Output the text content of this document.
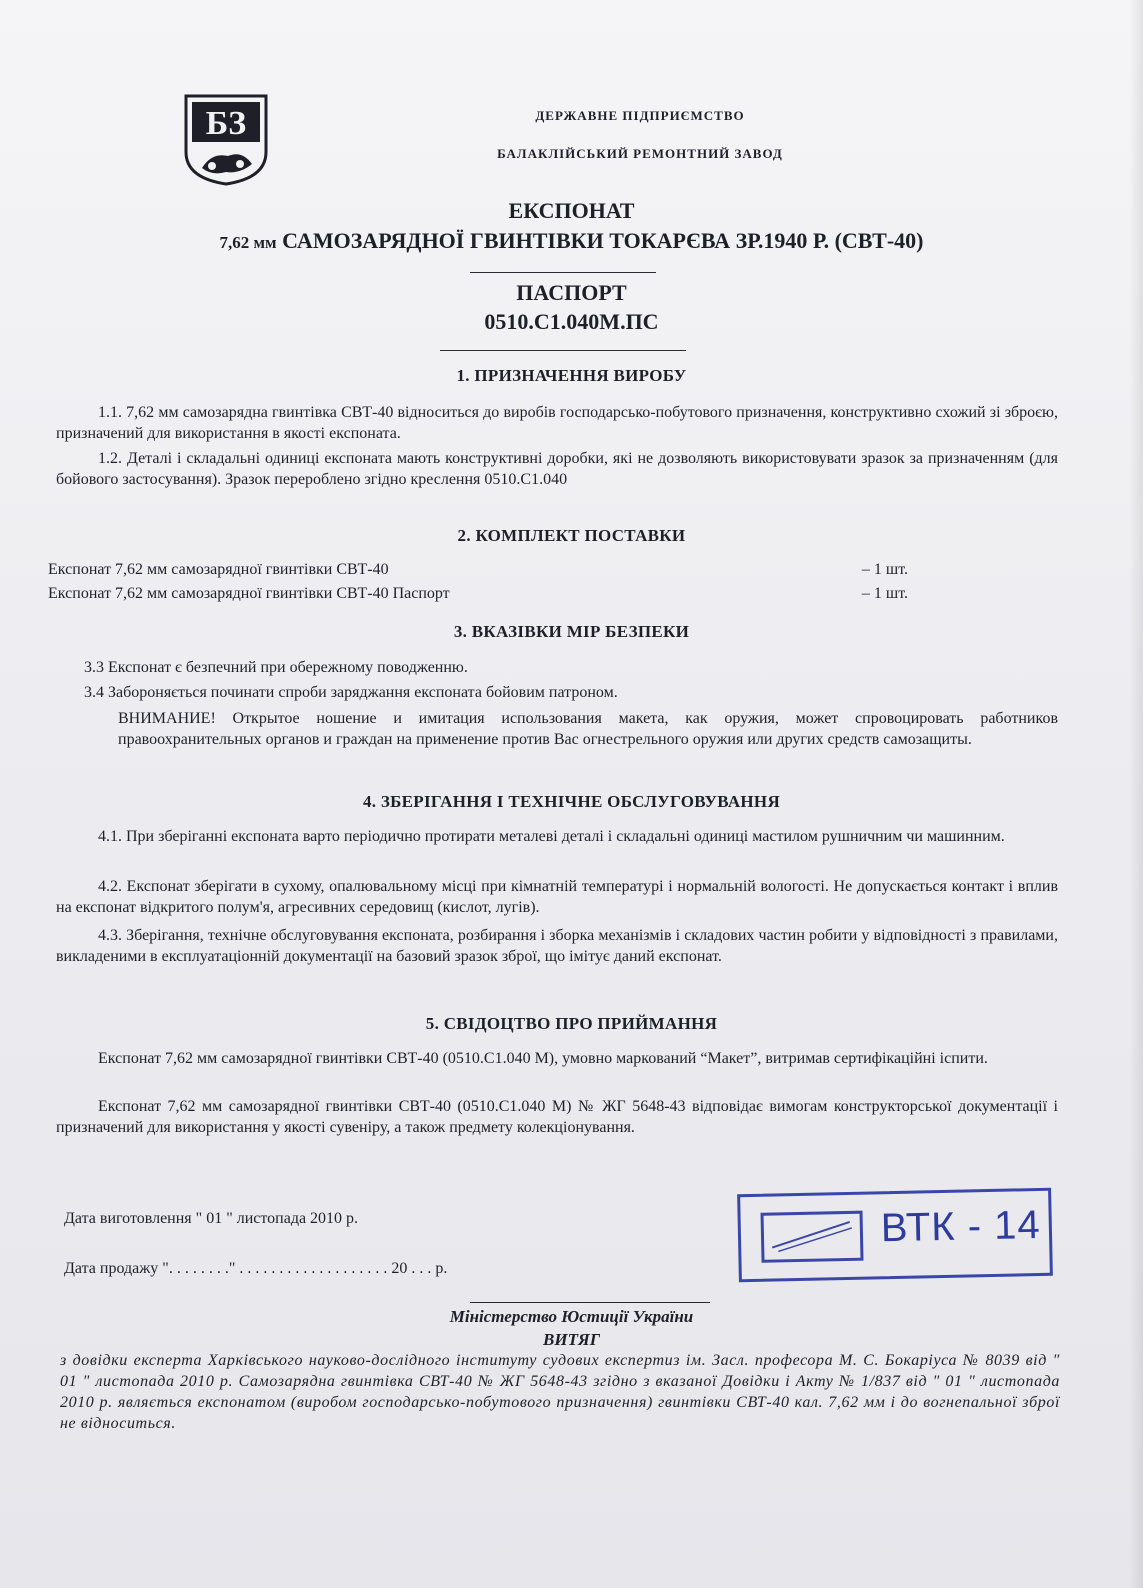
БЗ	ДЕРЖАВНЕ ПІДПРИЄМСТВО
БАЛАКЛІЙСЬКИЙ РЕМОНТНИЙ ЗАВОД
ЕКСПОНАТ
7,62 мм САМОЗАРЯДНОЇ ГВИНТІВКИ ТОКАРЄВА ЗР.1940 Р. (СВТ-40)
ПАСПОРТ
0510.С1.040М.ПС
1. ПРИЗНАЧЕННЯ ВИРОБУ
1.1. 7,62 мм самозарядна гвинтівка СВТ-40 відноситься до виробів господарсько-побутового призначення, конструктивно схожий зі зброєю, призначений для використання в якості експоната.
1.2. Деталі і складальні одиниці експоната мають конструктивні доробки, які не дозволяють використовувати зразок за призначенням (для бойового застосування). Зразок перероблено згідно креслення 0510.С1.040
2. КОМПЛЕКТ ПОСТАВКИ
Експонат 7,62 мм самозарядної гвинтівки СВТ-40	– 1 шт.
Експонат 7,62 мм самозарядної гвинтівки СВТ-40 Паспорт	– 1 шт.
3. ВКАЗІВКИ МІР БЕЗПЕКИ
3.3 Експонат є безпечний при обережному поводженню.
3.4 Забороняється починати спроби заряджання експоната бойовим патроном.
ВНИМАНИЕ! Открытое ношение и имитация использования макета, как оружия, может спровоцировать работников правоохранительных органов и граждан на применение против Вас огнестрельного оружия или других средств самозащиты.
4. ЗБЕРІГАННЯ І ТЕХНІЧНЕ ОБСЛУГОВУВАННЯ
4.1. При зберіганні експоната варто періодично протирати металеві деталі і складальні одиниці мастилом рушничним чи машинним.
4.2. Експонат зберігати в сухому, опалювальному місці при кімнатній температурі і нормальній вологості. Не допускається контакт і вплив на експонат відкритого полум'я, агресивних середовищ (кислот, лугів).
4.3. Зберігання, технічне обслуговування експоната, розбирання і зборка механізмів і складових частин робити у відповідності з правилами, викладеними в експлуатаціонній документації на базовий зразок зброї, що імітує даний експонат.
5. СВІДОЦТВО ПРО ПРИЙМАННЯ
Експонат 7,62 мм самозарядної гвинтівки СВТ-40 (0510.С1.040 М), умовно маркований “Макет”, витримав сертифікаційні іспити.
Експонат 7,62 мм самозарядної гвинтівки СВТ-40 (0510.С1.040 М) № ЖГ 5648-43 відповідає вимогам конструкторської документації і призначений для використання у якості сувеніру, а також предмету колекціонування.
Дата виготовлення " 01 " листопада 2010 р.
Дата продажу ". . . . . . . ." . . . . . . . . . . . . . . . . . . . 20 . . . р.
ВТК - 14
Міністерство Юстиції України
ВИТЯГ
з довідки експерта Харківського науково-дослідного інституту судових експертиз ім. Засл. професора М. С. Бокаріуса № 8039 від " 01 " листопада 2010 р. Самозарядна гвинтівка СВТ-40 № ЖГ 5648-43 згідно з вказаної Довідки і Акту № 1/837 від " 01 " листопада 2010 р. являється експонатом (виробом господарсько-побутового призначення) гвинтівки СВТ-40 кал. 7,62 мм і до вогнепальної зброї не відноситься.
